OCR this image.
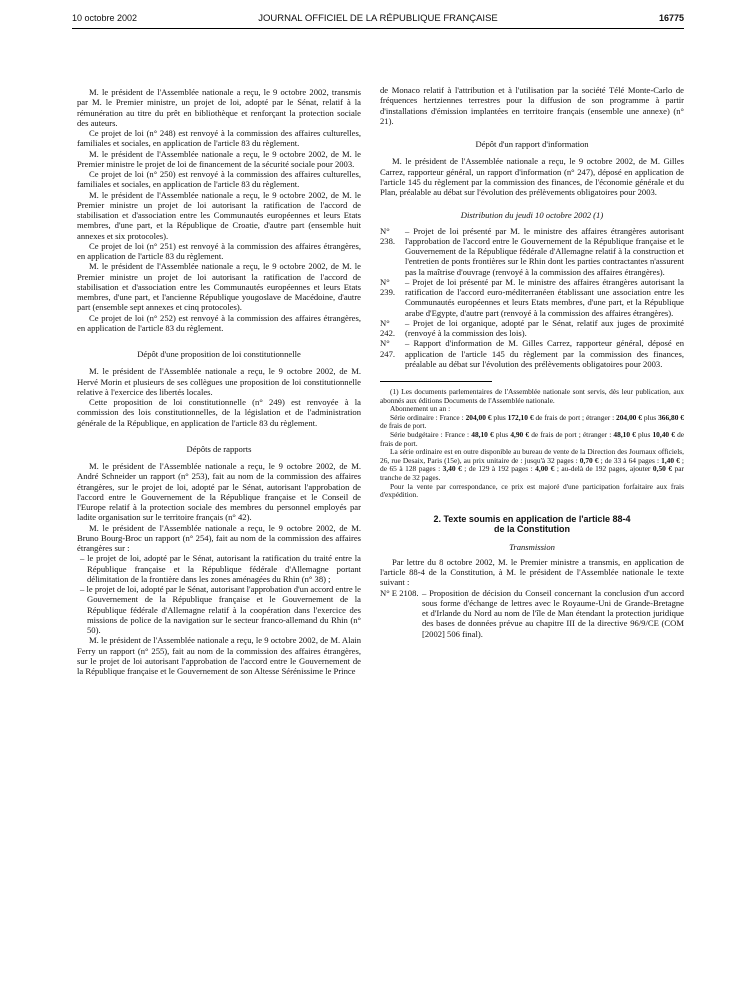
10 octobre 2002	JOURNAL OFFICIEL DE LA RÉPUBLIQUE FRANÇAISE	16775

M. le président de l'Assemblée nationale a reçu, le 9 octobre 2002, transmis par M. le Premier ministre, un projet de loi, adopté par le Sénat, relatif à la rémunération au titre du prêt en bibliothèque et renforçant la protection sociale des auteurs.

Ce projet de loi (n° 248) est renvoyé à la commission des affaires culturelles, familiales et sociales, en application de l'article 83 du règlement.

M. le président de l'Assemblée nationale a reçu, le 9 octobre 2002, de M. le Premier ministre le projet de loi de financement de la sécurité sociale pour 2003.

Ce projet de loi (n° 250) est renvoyé à la commission des affaires culturelles, familiales et sociales, en application de l'article 83 du règlement.

M. le président de l'Assemblée nationale a reçu, le 9 octobre 2002, de M. le Premier ministre un projet de loi autorisant la ratification de l'accord de stabilisation et d'association entre les Communautés européennes et leurs Etats membres, d'une part, et la République de Croatie, d'autre part (ensemble huit annexes et six protocoles).

Ce projet de loi (n° 251) est renvoyé à la commission des affaires étrangères, en application de l'article 83 du règlement.

M. le président de l'Assemblée nationale a reçu, le 9 octobre 2002, de M. le Premier ministre un projet de loi autorisant la ratification de l'accord de stabilisation et d'association entre les Communautés européennes et leurs Etats membres, d'une part, et l'ancienne République yougoslave de Macédoine, d'autre part (ensemble sept annexes et cinq protocoles).

Ce projet de loi (n° 252) est renvoyé à la commission des affaires étrangères, en application de l'article 83 du règlement.

Dépôt d'une proposition de loi constitutionnelle

M. le président de l'Assemblée nationale a reçu, le 9 octobre 2002, de M. Hervé Morin et plusieurs de ses collègues une proposition de loi constitutionnelle relative à l'exercice des libertés locales.

Cette proposition de loi constitutionnelle (n° 249) est renvoyée à la commission des lois constitutionnelles, de la législation et de l'administration générale de la République, en application de l'article 83 du règlement.

Dépôts de rapports

M. le président de l'Assemblée nationale a reçu, le 9 octobre 2002, de M. André Schneider un rapport (n° 253), fait au nom de la commission des affaires étrangères, sur le projet de loi, adopté par le Sénat, autorisant l'approbation de l'accord entre le Gouvernement de la République française et le Conseil de l'Europe relatif à la protection sociale des membres du personnel employés par ladite organisation sur le territoire français (n° 42).

M. le président de l'Assemblée nationale a reçu, le 9 octobre 2002, de M. Bruno Bourg-Broc un rapport (n° 254), fait au nom de la commission des affaires étrangères sur :

– le projet de loi, adopté par le Sénat, autorisant la ratification du traité entre la République française et la République fédérale d'Allemagne portant délimitation de la frontière dans les zones aménagées du Rhin (n° 38) ;

– le projet de loi, adopté par le Sénat, autorisant l'approbation d'un accord entre le Gouvernement de la République française et le Gouvernement de la République fédérale d'Allemagne relatif à la coopération dans l'exercice des missions de police de la navigation sur le secteur franco-allemand du Rhin (n° 50).

M. le président de l'Assemblée nationale a reçu, le 9 octobre 2002, de M. Alain Ferry un rapport (n° 255), fait au nom de la commission des affaires étrangères, sur le projet de loi autorisant l'approbation de l'accord entre le Gouvernement de la République française et le Gouvernement de son Altesse Sérénissime le Prince

de Monaco relatif à l'attribution et à l'utilisation par la société Télé Monte-Carlo de fréquences hertziennes terrestres pour la diffusion de son programme à partir d'installations d'émission implantées en territoire français (ensemble une annexe) (n° 21).

Dépôt d'un rapport d'information

M. le président de l'Assemblée nationale a reçu, le 9 octobre 2002, de M. Gilles Carrez, rapporteur général, un rapport d'information (n° 247), déposé en application de l'article 145 du règlement par la commission des finances, de l'économie générale et du Plan, préalable au débat sur l'évolution des prélèvements obligatoires pour 2003.

Distribution du jeudi 10 octobre 2002 (1)
N° 238.
– Projet de loi présenté par M. le ministre des affaires étrangères autorisant l'approbation de l'accord entre le Gouvernement de la République française et le Gouvernement de la République fédérale d'Allemagne relatif à la construction et l'entretien de ponts frontières sur le Rhin dont les parties contractantes n'assurent pas la maîtrise d'ouvrage (renvoyé à la commission des affaires étrangères).
N° 239.
– Projet de loi présenté par M. le ministre des affaires étrangères autorisant la ratification de l'accord euro-méditerranéen établissant une association entre les Communautés européennes et leurs Etats membres, d'une part, et la République arabe d'Egypte, d'autre part (renvoyé à la commission des affaires étrangères).
N° 242.
– Projet de loi organique, adopté par le Sénat, relatif aux juges de proximité (renvoyé à la commission des lois).
N° 247.
– Rapport d'information de M. Gilles Carrez, rapporteur général, déposé en application de l'article 145 du règlement par la commission des finances, préalable au débat sur l'évolution des prélèvements obligatoires pour 2003.

(1) Les documents parlementaires de l'Assemblée nationale sont servis, dès leur publication, aux abonnés aux éditions Documents de l'Assemblée nationale.

Abonnement un an :

Série ordinaire : France : 204,00 € plus 172,10 € de frais de port ; étranger : 204,00 € plus 366,80 € de frais de port.

Série budgétaire : France : 48,10 € plus 4,90 € de frais de port ; étranger : 48,10 € plus 10,40 € de frais de port.

La série ordinaire est en outre disponible au bureau de vente de la Direction des Journaux officiels, 26, rue Desaix, Paris (15e), au prix unitaire de : jusqu'à 32 pages : 0,70 € ; de 33 à 64 pages : 1,40 € ; de 65 à 128 pages : 3,40 € ; de 129 à 192 pages : 4,00 € ; au-delà de 192 pages, ajouter 0,50 € par tranche de 32 pages.

Pour la vente par correspondance, ce prix est majoré d'une participation forfaitaire aux frais d'expédition.

2. Texte soumis en application de l'article 88-4
de la Constitution
Transmission

Par lettre du 8 octobre 2002, M. le Premier ministre a transmis, en application de l'article 88-4 de la Constitution, à M. le président de l'Assemblée nationale le texte suivant :

N° E 2108. – Proposition de décision du Conseil concernant la conclusion d'un accord sous forme d'échange de lettres avec le Royaume-Uni de Grande-Bretagne et d'Irlande du Nord au nom de l'île de Man étendant la protection juridique des bases de données prévue au chapitre III de la directive 96/9/CE (COM [2002] 506 final).
